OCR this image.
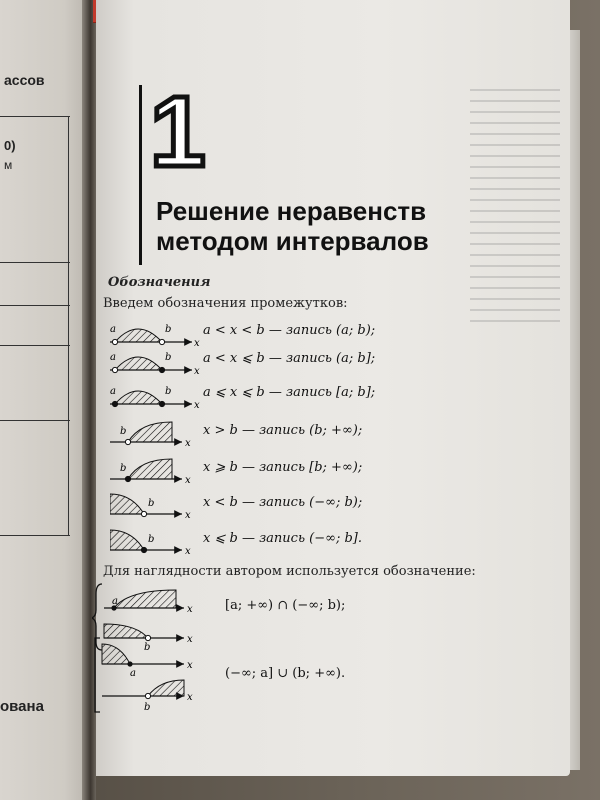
ассов
0)
м 1
Решение неравенств
методом интервалов
Обозначения
Введем обозначения промежутков:
a	b
x
a < x < b — запись (a; b);
a	b
x
a < x ⩽ b — запись (a; b];
a	b
x
a ⩽ x ⩽ b — запись [a; b];
b
x
x > b — запись (b; +∞);
b
x
x ⩾ b — запись [b; +∞);
b
x
x < b — запись (−∞; b);
b
x
x ⩽ b — запись (−∞; b].
Для наглядности автором используется обозначение:
a
x
b
x
[a; +∞) ∩ (−∞; b);
a
x
b
x
(−∞; a] ∪ (b; +∞).
ована
